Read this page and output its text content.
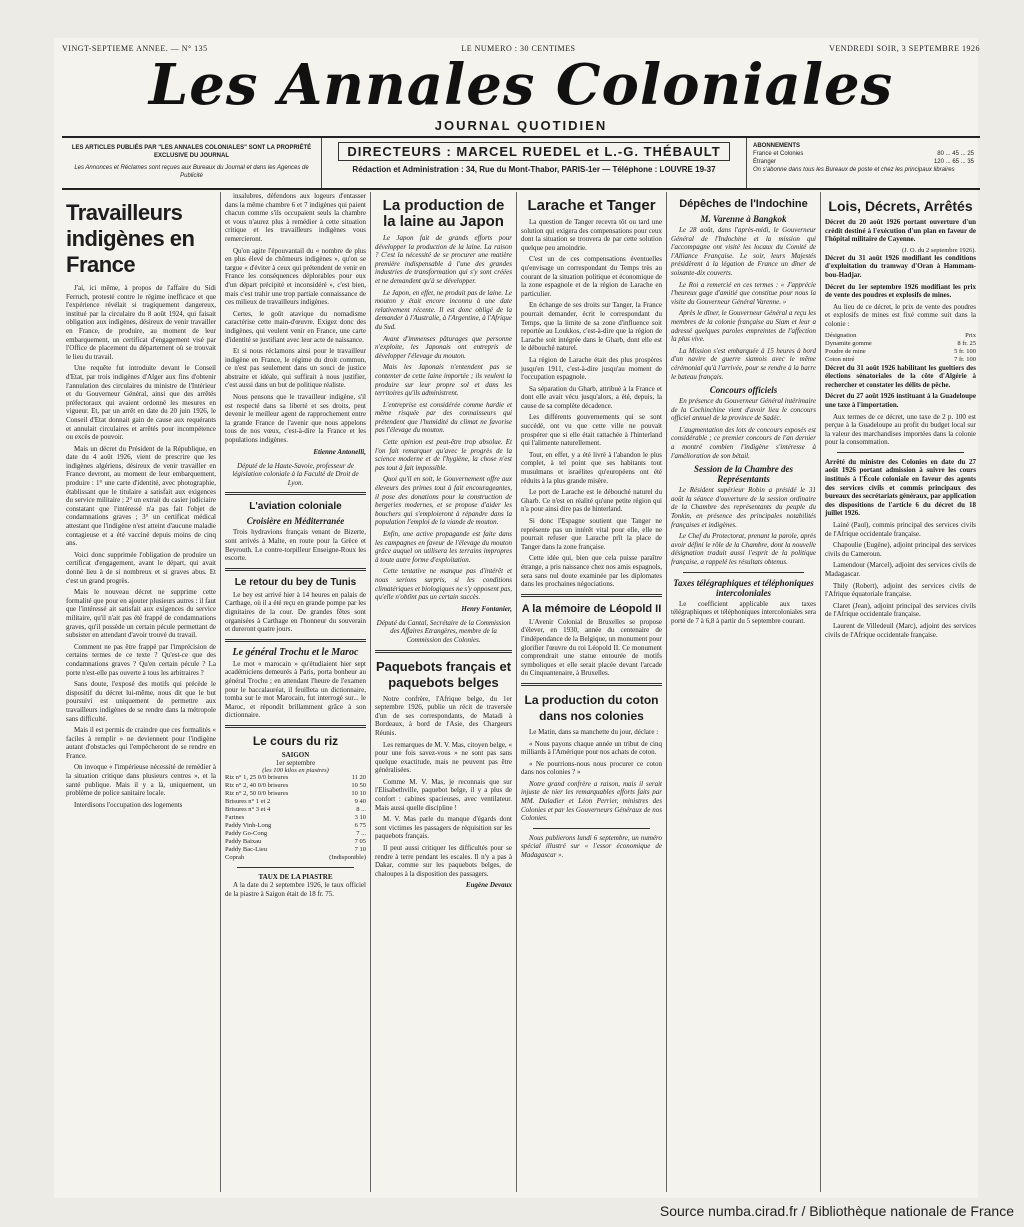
VINGT-SEPTIEME ANNEE. — N° 135	LE NUMERO : 30 CENTIMES	VENDREDI SOIR, 3 SEPTEMBRE 1926
Les Annales Coloniales
JOURNAL QUOTIDIEN
LES ARTICLES PUBLIÉS PAR "LES ANNALES COLONIALES" SONT LA PROPRIÉTÉ EXCLUSIVE DU JOURNAL
Les Annonces et Réclames sont reçues aux Bureaux du Journal et dans les Agences de Publicité
DIRECTEURS : MARCEL RUEDEL et L.-G. THÉBAULT
Rédaction et Administration : 34, Rue du Mont-Thabor, PARIS-1er — Téléphone : LOUVRE 19-37
ABONNEMENTS
France et Colonies	80 ... 45 ... 25
Étranger	120 ... 65 ... 35
On s'abonne dans tous les Bureaux de poste et chez les principaux libraires
Travailleurs indigènes en France

J'ai, ici même, à propos de l'affaire du Sidi Ferruch, protesté contre le régime inefficace et que l'expérience révélait si tragiquement dangereux, institué par la circulaire du 8 août 1924, qui faisait obligation aux indigènes, désireux de venir travailler en France, de produire, au moment de leur embarquement, un certificat d'engagement visé par l'Office de placement du département où se trouvait le lieu du travail.

Une requête fut introduite devant le Conseil d'Etat, par trois indigènes d'Alger aux fins d'obtenir l'annulation des circulaires du ministre de l'Intérieur et du Gouverneur Général, ainsi que des arrêtés préfectoraux qui avaient ordonné les mesures en vigueur. Et, par un arrêt en date du 20 juin 1926, le Conseil d'Etat donnait gain de cause aux requérants et annulait circulaires et arrêtés pour incompétence ou excès de pouvoir.

Mais un décret du Président de la République, en date du 4 août 1926, vient de prescrire que les indigènes algériens, désireux de venir travailler en France devront, au moment de leur embarquement, produire : 1° une carte d'identité, avec photographie, établissant que le titulaire a satisfait aux exigences du service militaire ; 2° un extrait du casier judiciaire constatant que l'intéressé n'a pas fait l'objet de condamnations graves ; 3° un certificat médical attestant que l'indigène n'est atteint d'aucune maladie contagieuse et a été vacciné depuis moins de cinq ans.

Voici donc supprimée l'obligation de produire un certificat d'engagement, avant le départ, qui avait donné lieu à de si nombreux et si graves abus. Et c'est un grand progrès.

Mais le nouveau décret ne supprime cette formalité que pour en ajouter plusieurs autres : il faut que l'intéressé ait satisfait aux exigences du service militaire, qu'il n'ait pas été frappé de condamnations graves, qu'il possède un certain pécule permettant de subsister en attendant d'avoir trouvé du travail.

Comment ne pas être frappé par l'imprécision de certains termes de ce texte ? Qu'est-ce que des condamnations graves ? Qu'en certain pécule ? La porte n'est-elle pas ouverte à tous les arbitraires ?

Sans doute, l'exposé des motifs qui précède le dispositif du décret lui-même, nous dit que le but poursuivi est uniquement de permettre aux travailleurs indigènes de se rendre dans la métropole sans difficulté.

Mais il est permis de craindre que ces formalités « faciles à remplir » ne deviennent pour l'indigène autant d'obstacles qui l'empêcheront de se rendre en France.

On invoque « l'impérieuse nécessité de remédier à la situation critique dans plusieurs centres », et la santé publique. Mais il y a là, uniquement, un problème de police sanitaire locale.

Interdisons l'occupation des logements

insalubres, défendons aux logeurs d'entasser dans la même chambre 6 et 7 indigènes qui paient chacun comme s'ils occupaient seuls la chambre et vous n'aurez plus à remédier à cette situation critique et les travailleurs indigènes vous remercieront.

Qu'on agite l'épouvantail du « nombre de plus en plus élevé de chômeurs indigènes », qu'on se targue « d'éviter à ceux qui prétendent de venir en France les conséquences déplorables pour eux d'un départ précipité et inconsidéré », c'est bien, mais c'est trahir une trop partiale connaissance de ces milieux de travailleurs indigènes.

Certes, le goût atavique du nomadisme caractérise cette main-d'œuvre. Exigez donc des indigènes, qui veulent venir en France, une carte d'identité se justifiant avec leur acte de naissance.

Et si nous réclamons ainsi pour le travailleur indigène en France, le régime du droit commun, ce n'est pas seulement dans un souci de justice abstraite et idéale, qui suffirait à nous justifier, c'est aussi dans un but de politique réaliste.

Nous pensons que le travailleur indigène, s'il est respecté dans sa liberté et ses droits, peut devenir le meilleur agent de rapprochement entre la grande France de l'avenir que nous appelons tous de nos vœux, c'est-à-dire la France et les populations indigènes.

Etienne Antonelli,

Député de la Haute-Savoie, professeur de législation coloniale à la Faculté de Droit de Lyon.

L'aviation coloniale
Croisière en Méditerranée

Trois hydravions français venant de Bizerte, sont arrivés à Malte, en route pour la Grèce et Beyrouth. Le contre-torpilleur Enseigne-Roux les escorte.

Le retour du bey de Tunis

Le bey est arrivé hier à 14 heures en palais de Carthage, où il a été reçu en grande pompe par les dignitaires de la cour. De grandes fêtes sont organisées à Carthage en l'honneur du souverain et dureront quatre jours.

Le général Trochu et le Maroc

Le mot « marocain » qu'étudiaient hier sept académiciens demeurés à Paris, porta bonheur au général Trochu ; en attendant l'heure de l'examen pour le baccalauréat, il feuilleta un dictionnaire, tomba sur le mot Marocain, fut interrogé sur... le Maroc, et répondit brillamment grâce à son dictionnaire.

Le cours du riz
SAIGON
1er septembre
(les 100 kilos en piastres)
Riz n° 1, 25 0/0 brisures	11 20
Riz n° 2, 40 0/0 brisures	10 50
Riz n° 2, 50 0/0 brisures	10 10
Brisures n° 1 et 2	9 40
Brisures n° 3 et 4	8 ...
Farines	3 10
Paddy Vinh-Long	6 75
Paddy Go-Cong	7 ...
Paddy Baixau	7 05
Paddy Bac-Lieu	7 10
Coprah	(Indisponible)
TAUX DE LA PIASTRE

A la date du 2 septembre 1926, le taux officiel de la piastre à Saigon était de 18 fr. 75.

La production de la laine au Japon

Le Japon fait de grands efforts pour développer la production de la laine. La raison ? C'est la nécessité de se procurer une matière première indispensable à l'une des grandes industries de transformation qui s'y sont créées et ne demandent qu'à se développer.

Le Japon, en effet, ne produit pas de laine. Le mouton y était encore inconnu à une date relativement récente. Il est donc obligé de la demander à l'Australie, à l'Argentine, à l'Afrique du Sud.

Avant d'immenses pâturages que personne n'exploite, les Japonais ont entrepris de développer l'élevage du mouton.

Mais les Japonais n'entendent pas se contenter de cette laine importée ; ils veulent la produire sur leur propre sol et dans les territoires qu'ils administrent.

L'entreprise est considérée comme hardie et même risquée par des connaisseurs qui prétendent que l'humidité du climat ne favorise pas l'élevage du mouton.

Cette opinion est peut-être trop absolue. Et l'on fait remarquer qu'avec le progrès de la science moderne et de l'hygiène, la chose n'est pas tout à fait impossible.

Quoi qu'il en soit, le Gouvernement offre aux éleveurs des primes tout à fait encourageantes, il pose des donations pour la construction de bergeries modernes, et se propose d'aider les bouchers qui s'emploieront à répandre dans la population l'emploi de la viande de mouton.

Enfin, une active propagande est faite dans les campagnes en faveur de l'élevage du mouton grâce auquel on utilisera les terrains impropres à toute autre forme d'exploitation.

Cette tentative ne manque pas d'intérêt et nous serions surpris, si les conditions climatériques et biologiques ne s'y opposent pas, qu'elle n'obtînt pas un certain succès.

Henry Fontanier,

Député du Cantal, Secrétaire de la Commission des Affaires Etrangères, membre de la Commission des Colonies.

Paquebots français et paquebots belges

Notre confrère, l'Afrique belge, du 1er septembre 1926, publie un récit de traversée d'un de ses correspondants, de Matadi à Bordeaux, à bord de l'Asie, des Chargeurs Réunis.

Les remarques de M. V. Mas, citoyen belge, « pour une fois savez-vous » ne sont pas sans quelque exactitude, mais ne peuvent pas être généralisées.

Comme M. V. Mas, je reconnais que sur l'Elisabethville, paquebot belge, il y a plus de confort : cabines spacieuses, avec ventilateur. Mais aussi quelle discipline !

M. V. Mas parle du manque d'égards dont sont victimes les passagers de réquisition sur les paquebots français.

Il peut aussi critiquer les difficultés pour se rendre à terre pendant les escales. Il n'y a pas à Dakar, comme sur les paquebots belges, de chaloupes à la disposition des passagers.

Eugène Devaux
Larache et Tanger

La question de Tanger recevra tôt ou tard une solution qui exigera des compensations pour ceux dont la situation se trouvera de par cette solution quelque peu amoindrie.

C'est un de ces compensations éventuelles qu'envisage un correspondant du Temps très au courant de la situation politique et économique de la zone espagnole et de la région de Larache en particulier.

En échange de ses droits sur Tanger, la France pourrait demander, écrit le correspondant du Temps, que la limite de sa zone d'influence soit reportée au Loukkos, c'est-à-dire que la région de Larache soit intégrée dans le Gharb, dont elle est le débouché naturel.

La région de Larache était des plus prospères jusqu'en 1911, c'est-à-dire jusqu'au moment de l'occupation espagnole.

Sa séparation du Gharb, attribué à la France et dont elle avait vécu jusqu'alors, a été, depuis, la cause de sa complète décadence.

Les différents gouvernements qui se sont succédé, ont vu que cette ville ne pouvait prospérer que si elle était rattachée à l'hinterland qui l'alimente naturellement.

Tout, en effet, y a été livré à l'abandon le plus complet, à tel point que ses habitants tout musulmans et israélites qu'européens ont été réduits à la plus grande misère.

Le port de Larache est le débouché naturel du Gharb. Ce n'est en réalité qu'une petite région qui n'a pour ainsi dire pas de hinterland.

Si donc l'Espagne soutient que Tanger ne représente pas un intérêt vital pour elle, elle ne pourrait refuser que Larache prît la place de Tanger dans la zone française.

Cette idée qui, bien que cela puisse paraître étrange, a pris naissance chez nos amis espagnols, sera sans nul doute examinée par les diplomates dans les prochaines négociations.

A la mémoire de Léopold II

L'Avenir Colonial de Bruxelles se propose d'élever, en 1930, année du centenaire de l'indépendance de la Belgique, un monument pour glorifier l'œuvre du roi Léopold II. Ce monument comprendrait une statue entourée de motifs symboliques et elle serait placée devant l'arcade du Cinquantenaire, à Bruxelles.

La production du coton dans nos colonies

Le Matin, dans sa manchette du jour, déclare :

« Nous payons chaque année un tribut de cinq milliards à l'Amérique pour nos achats de coton.

« Ne pourrions-nous nous procurer ce coton dans nos colonies ? »

Notre grand confrère a raison, mais il serait injuste de nier les remarquables efforts faits par MM. Daladier et Léon Perrier, ministres des Colonies et par les Gouverneurs Généraux de nos Colonies.

Nous publierons lundi 6 septembre, un numéro spécial illustré sur « l'essor économique de Madagascar ».

Dépêches de l'Indochine
M. Varenne à Bangkok

Le 28 août, dans l'après-midi, le Gouverneur Général de l'Indochine et la mission qui l'accompagne ont visité les locaux du Comité de l'Alliance Française. Le soir, leurs Majestés présidèrent à la légation de France un dîner de soixante-dix couverts.

Le Roi a remercié en ces termes : « J'apprécie l'heureux gage d'amitié que constitue pour nous la visite du Gouverneur Général Varenne. »

Après le dîner, le Gouverneur Général a reçu les membres de la colonie française au Siam et leur a adressé quelques paroles empreintes de l'affection la plus vive.

La Mission s'est embarquée à 15 heures à bord d'un navire de guerre siamois avec le même cérémonial qu'à l'arrivée, pour se rendre à la barre le bateau français.

Concours officiels

En présence du Gouverneur Général intérimaire de la Cochinchine vient d'avoir lieu le concours officiel annuel de la province de Sadéc.

L'augmentation des lots de concours exposés est considérable ; ce premier concours de l'an dernier a montré combien l'indigène s'intéresse à l'amélioration de son bétail.

Session de la Chambre des Représentants

Le Résident supérieur Robin a présidé le 31 août la séance d'ouverture de la session ordinaire de la Chambre des représentants du peuple du Tonkin, en présence des principales notabilités françaises et indigènes.

Le Chef du Protectorat, prenant la parole, après avoir défini le rôle de la Chambre, dont la nouvelle désignation traduit aussi l'esprit de la politique française, a rappelé les résultats obtenus.

Taxes télégraphiques et téléphoniques intercoloniales

Le coefficient applicable aux taxes télégraphiques et téléphoniques intercoloniales sera porté de 7 à 6,8 à partir du 5 septembre courant.

Lois, Décrets, Arrêtés

Décret du 20 août 1926 portant ouverture d'un crédit destiné à l'exécution d'un plan en faveur de l'hôpital militaire de Cayenne.

(J. O. du 2 septembre 1926).

Décret du 31 août 1926 modifiant les conditions d'exploitation du tramway d'Oran à Hammam-bou-Hadjar.

Décret du 1er septembre 1926 modifiant les prix de vente des poudres et explosifs de mines.

Au lieu de ce décret, le prix de vente des poudres et explosifs de mines est fixé comme suit dans la colonie :

Désignation	Prix
Dynamite gomme	8 fr. 25
Poudre de mine	5 fr. 100
Coton nitré	7 fr. 100

Décret du 31 août 1926 habilitant les gueltiers des élections sénatoriales de la côte d'Algérie à rechercher et constater les délits de pêche.

Décret du 27 août 1926 instituant à la Guadeloupe une taxe à l'importation.

Aux termes de ce décret, une taxe de 2 p. 100 est perçue à la Guadeloupe au profit du budget local sur la valeur des marchandises importées dans la colonie pour la consommation.

Arrêté du ministre des Colonies en date du 27 août 1926 portant admission à suivre les cours institués à l'École coloniale en faveur des agents des services civils et commis principaux des bureaux des secrétariats généraux, par application des dispositions de l'article 6 du décret du 18 juillet 1926.

Lainé (Paul), commis principal des services civils de l'Afrique occidentale française.

Chapoulie (Eugène), adjoint principal des services civils du Cameroun.

Lamendour (Marcel), adjoint des services civils de Madagascar.

Thily (Robert), adjoint des services civils de l'Afrique équatoriale française.

Claret (Jean), adjoint principal des services civils de l'Afrique occidentale française.

Laurent de Villedeuil (Marc), adjoint des services civils de l'Afrique occidentale française.

Source numba.cirad.fr / Bibliothèque nationale de France
